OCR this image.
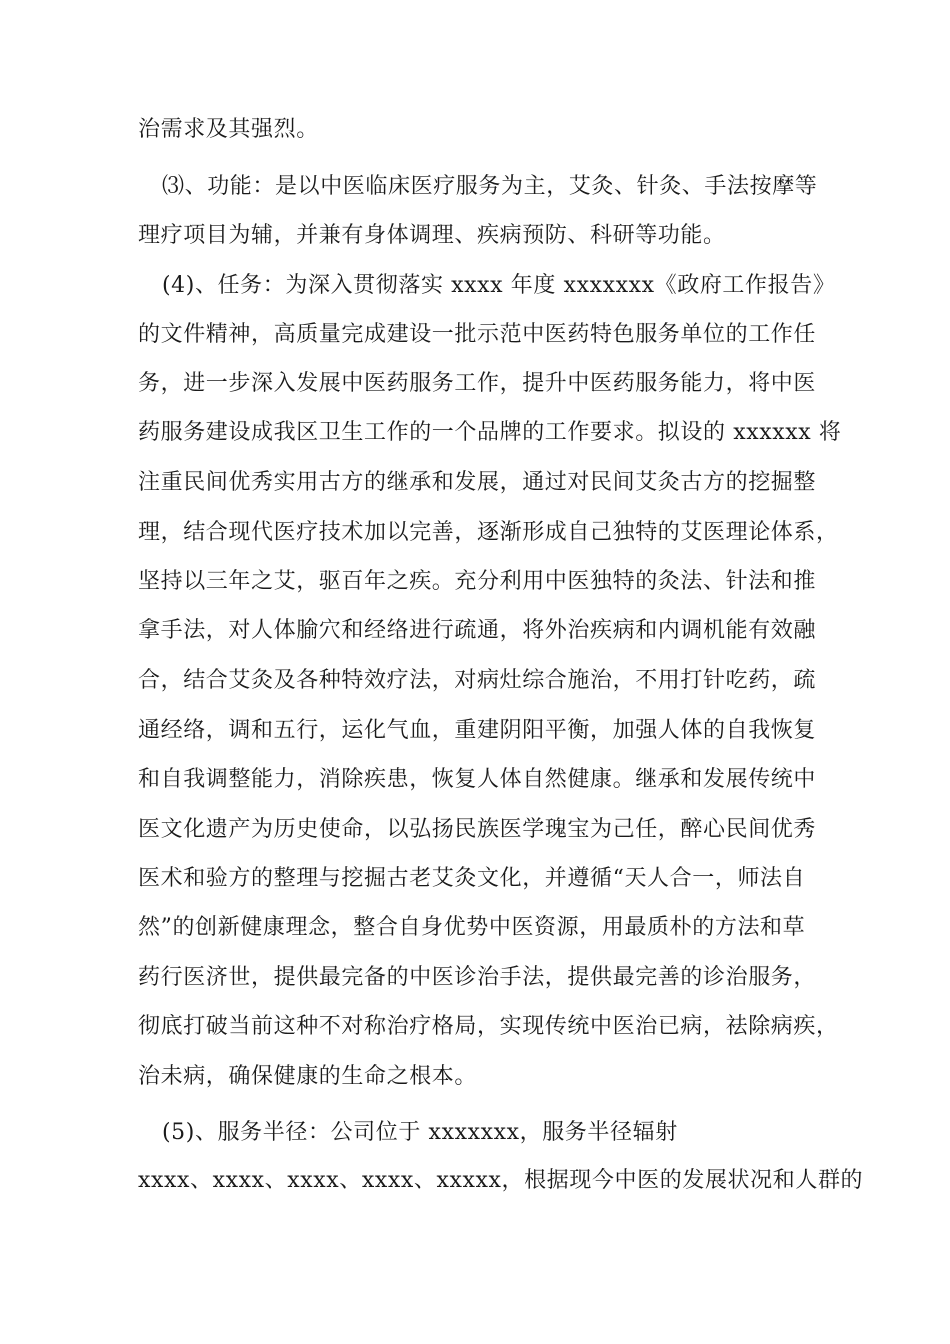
治需求及其强烈。
⑶、功能：是以中医临床医疗服务为主，艾灸、针灸、手法按摩等
理疗项目为辅，并兼有身体调理、疾病预防、科研等功能。
(4)、任务：为深入贯彻落实 xxxx 年度 xxxxxxx《政府工作报告》
的文件精神，高质量完成建设一批示范中医药特色服务单位的工作任
务，进一步深入发展中医药服务工作，提升中医药服务能力，将中医
药服务建设成我区卫生工作的一个品牌的工作要求。拟设的 xxxxxx 将
注重民间优秀实用古方的继承和发展，通过对民间艾灸古方的挖掘整
理，结合现代医疗技术加以完善，逐渐形成自己独特的艾医理论体系，
坚持以三年之艾，驱百年之疾。充分利用中医独特的灸法、针法和推
拿手法，对人体腧穴和经络进行疏通，将外治疾病和内调机能有效融
合，结合艾灸及各种特效疗法，对病灶综合施治，不用打针吃药，疏
通经络，调和五行，运化气血，重建阴阳平衡，加强人体的自我恢复
和自我调整能力，消除疾患，恢复人体自然健康。继承和发展传统中
医文化遗产为历史使命，以弘扬民族医学瑰宝为己任，醉心民间优秀
医术和验方的整理与挖掘古老艾灸文化，并遵循“天人合一，师法自
然”的创新健康理念，整合自身优势中医资源，用最质朴的方法和草
药行医济世，提供最完备的中医诊治手法，提供最完善的诊治服务，
彻底打破当前这种不对称治疗格局，实现传统中医治已病，祛除病疾，
治未病，确保健康的生命之根本。
(5)、服务半径：公司位于 xxxxxxx，服务半径辐射
xxxx、xxxx、xxxx、xxxx、xxxxx，根据现今中医的发展状况和人群的
